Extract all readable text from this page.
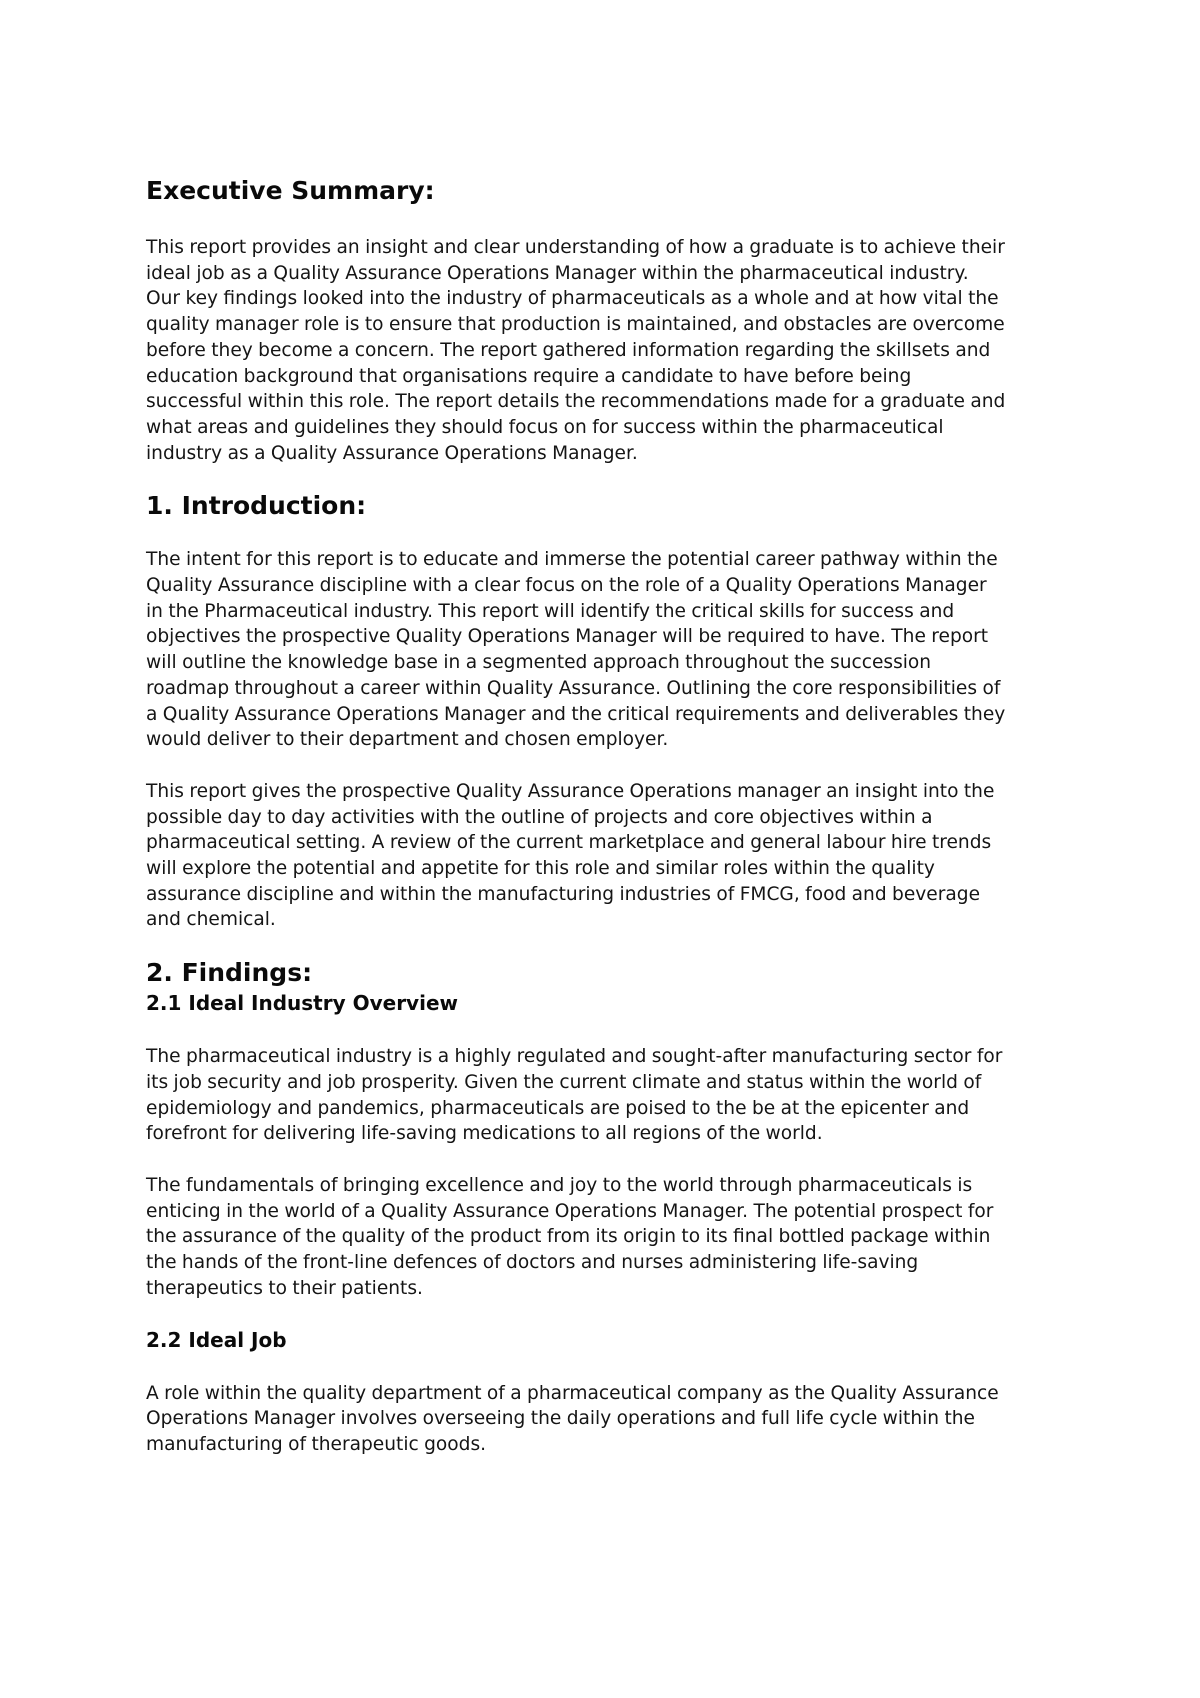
Executive Summary:
This report provides an insight and clear understanding of how a graduate is to achieve their
ideal job as a Quality Assurance Operations Manager within the pharmaceutical industry.
Our key findings looked into the industry of pharmaceuticals as a whole and at how vital the
quality manager role is to ensure that production is maintained, and obstacles are overcome
before they become a concern. The report gathered information regarding the skillsets and
education background that organisations require a candidate to have before being
successful within this role. The report details the recommendations made for a graduate and
what areas and guidelines they should focus on for success within the pharmaceutical
industry as a Quality Assurance Operations Manager.
1. Introduction:
The intent for this report is to educate and immerse the potential career pathway within the
Quality Assurance discipline with a clear focus on the role of a Quality Operations Manager
in the Pharmaceutical industry. This report will identify the critical skills for success and
objectives the prospective Quality Operations Manager will be required to have. The report
will outline the knowledge base in a segmented approach throughout the succession
roadmap throughout a career within Quality Assurance. Outlining the core responsibilities of
a Quality Assurance Operations Manager and the critical requirements and deliverables they
would deliver to their department and chosen employer.
This report gives the prospective Quality Assurance Operations manager an insight into the
possible day to day activities with the outline of projects and core objectives within a
pharmaceutical setting. A review of the current marketplace and general labour hire trends
will explore the potential and appetite for this role and similar roles within the quality
assurance discipline and within the manufacturing industries of FMCG, food and beverage
and chemical.
2. Findings:
2.1 Ideal Industry Overview
The pharmaceutical industry is a highly regulated and sought-after manufacturing sector for
its job security and job prosperity. Given the current climate and status within the world of
epidemiology and pandemics, pharmaceuticals are poised to the be at the epicenter and
forefront for delivering life-saving medications to all regions of the world.
The fundamentals of bringing excellence and joy to the world through pharmaceuticals is
enticing in the world of a Quality Assurance Operations Manager. The potential prospect for
the assurance of the quality of the product from its origin to its final bottled package within
the hands of the front-line defences of doctors and nurses administering life-saving
therapeutics to their patients.
2.2 Ideal Job
A role within the quality department of a pharmaceutical company as the Quality Assurance
Operations Manager involves overseeing the daily operations and full life cycle within the
manufacturing of therapeutic goods.
